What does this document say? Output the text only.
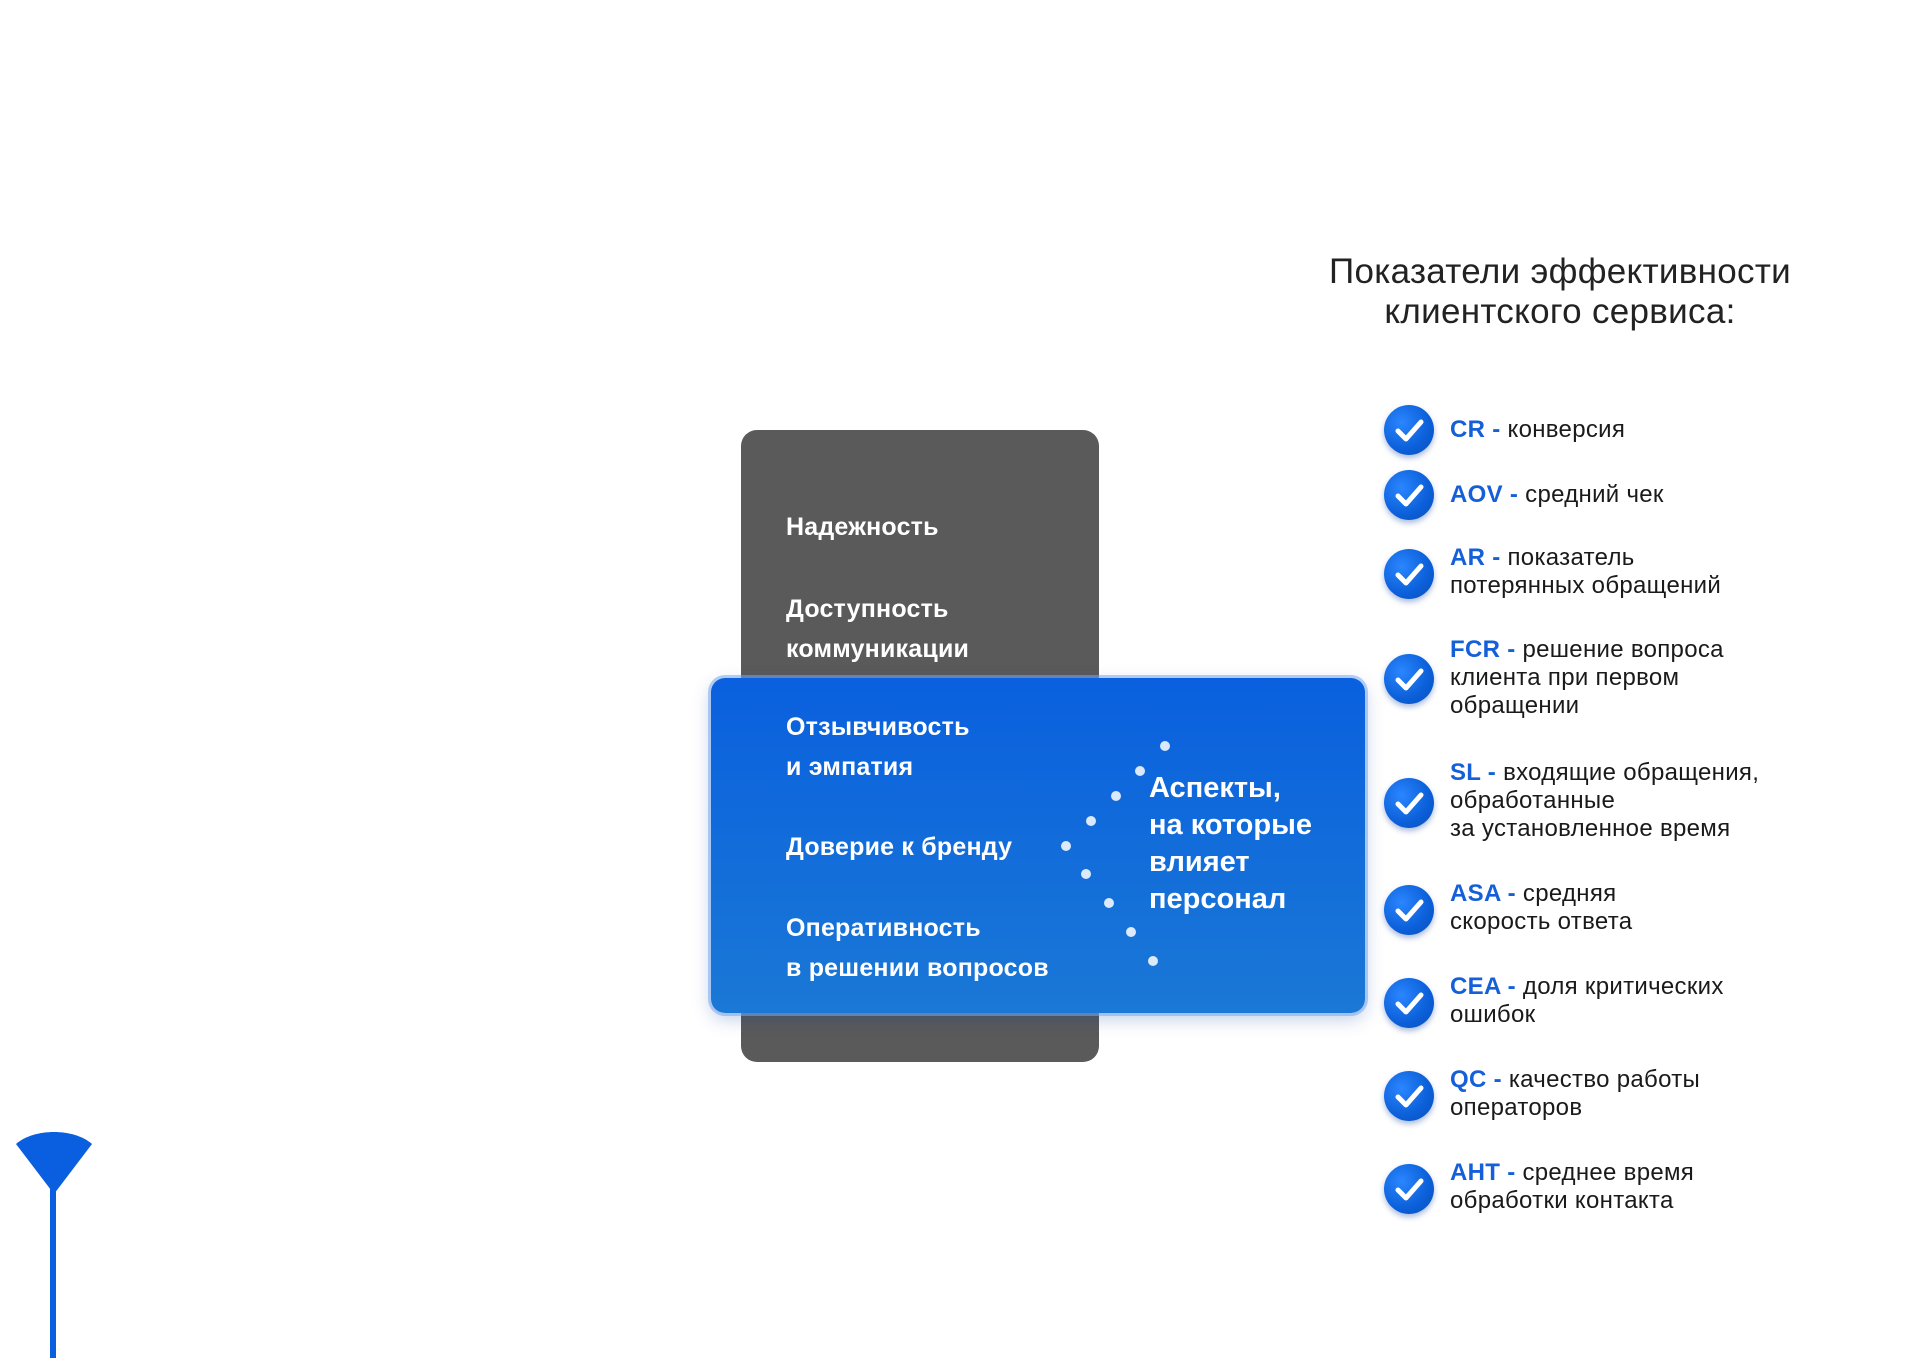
Показатели эффективности
клиентского сервиса:
Надежность
Доступность
коммуникации
Отзывчивость
и эмпатия
Доверие к бренду
Оперативность
в решении вопросов
Аспекты,
на которые
влияет
персонал
CR - конверсия
AOV - средний чек
AR - показатель
потерянных обращений
FCR - решение вопроса
клиента при первом
обращении
SL - входящие обращения,
обработанные
за установленное время
ASA - средняя
скорость ответа
CEA - доля критических
ошибок
QC - качество работы
операторов
AHT - среднее время
обработки контакта
